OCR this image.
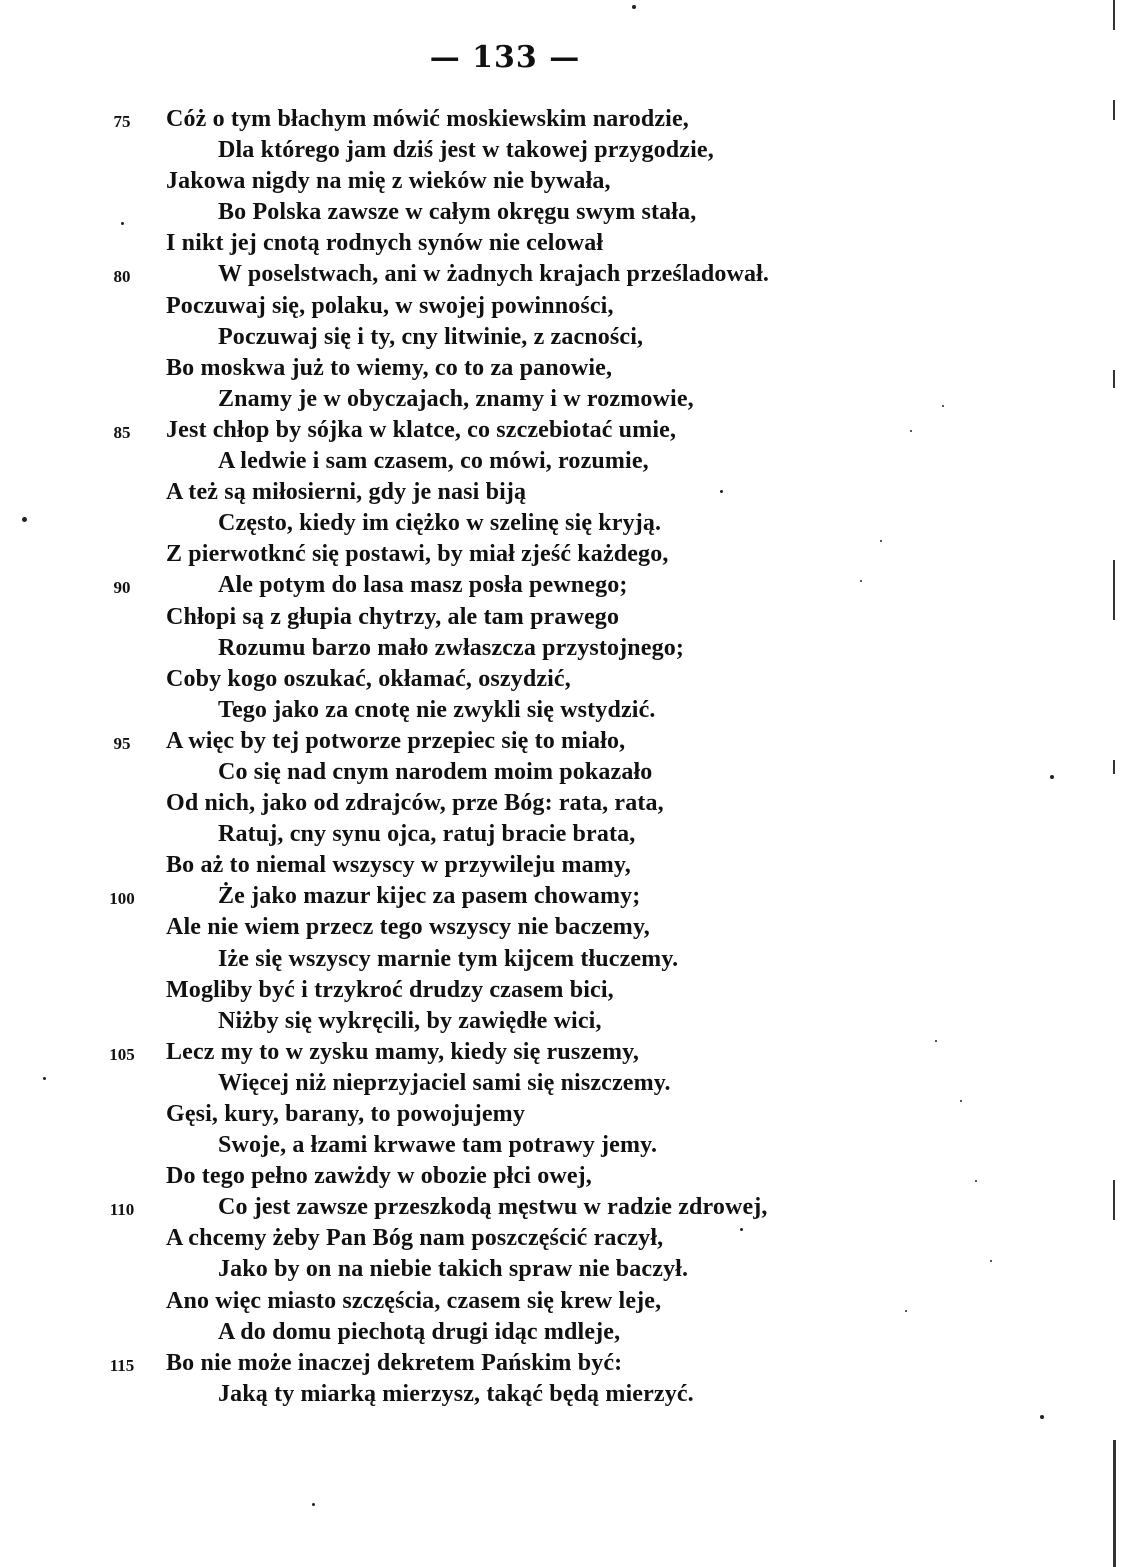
— 133 —
75	Cóż o tym błachym mówić moskiewskim narodzie,
Dla którego jam dziś jest w takowej przygodzie,
Jakowa nigdy na mię z wieków nie bywała,
Bo Polska zawsze w całym okręgu swym stała,
I nikt jej cnotą rodnych synów nie celował
80	W poselstwach, ani w żadnych krajach prześladował.
Poczuwaj się, polaku, w swojej powinności,
Poczuwaj się i ty, cny litwinie, z zacności,
Bo moskwa już to wiemy, co to za panowie,
Znamy je w obyczajach, znamy i w rozmowie,
85	Jest chłop by sójka w klatce, co szczebiotać umie,
A ledwie i sam czasem, co mówi, rozumie,
A też są miłosierni, gdy je nasi biją
Często, kiedy im ciężko w szelinę się kryją.
Z pierwotknć się postawi, by miał zjeść każdego,
90	Ale potym do lasa masz posła pewnego;
Chłopi są z głupia chytrzy, ale tam prawego
Rozumu barzo mało zwłaszcza przystojnego;
Coby kogo oszukać, okłamać, oszydzić,
Tego jako za cnotę nie zwykli się wstydzić.
95	A więc by tej potworze przepiec się to miało,
Co się nad cnym narodem moim pokazało
Od nich, jako od zdrajców, prze Bóg: rata, rata,
Ratuj, cny synu ojca, ratuj bracie brata,
Bo aż to niemal wszyscy w przywileju mamy,
100	Że jako mazur kijec za pasem chowamy;
Ale nie wiem przecz tego wszyscy nie baczemy,
Iże się wszyscy marnie tym kijcem tłuczemy.
Mogliby być i trzykroć drudzy czasem bici,
Niżby się wykręcili, by zawiędłe wici,
105	Lecz my to w zysku mamy, kiedy się ruszemy,
Więcej niż nieprzyjaciel sami się niszczemy.
Gęsi, kury, barany, to powojujemy
Swoje, a łzami krwawe tam potrawy jemy.
Do tego pełno zawżdy w obozie płci owej,
110	Co jest zawsze przeszkodą męstwu w radzie zdrowej,
A chcemy żeby Pan Bóg nam poszczęścić raczył,
Jako by on na niebie takich spraw nie baczył.
Ano więc miasto szczęścia, czasem się krew leje,
A do domu piechotą drugi idąc mdleje,
115	Bo nie może inaczej dekretem Pańskim być:
Jaką ty miarką mierzysz, takąć będą mierzyć.
